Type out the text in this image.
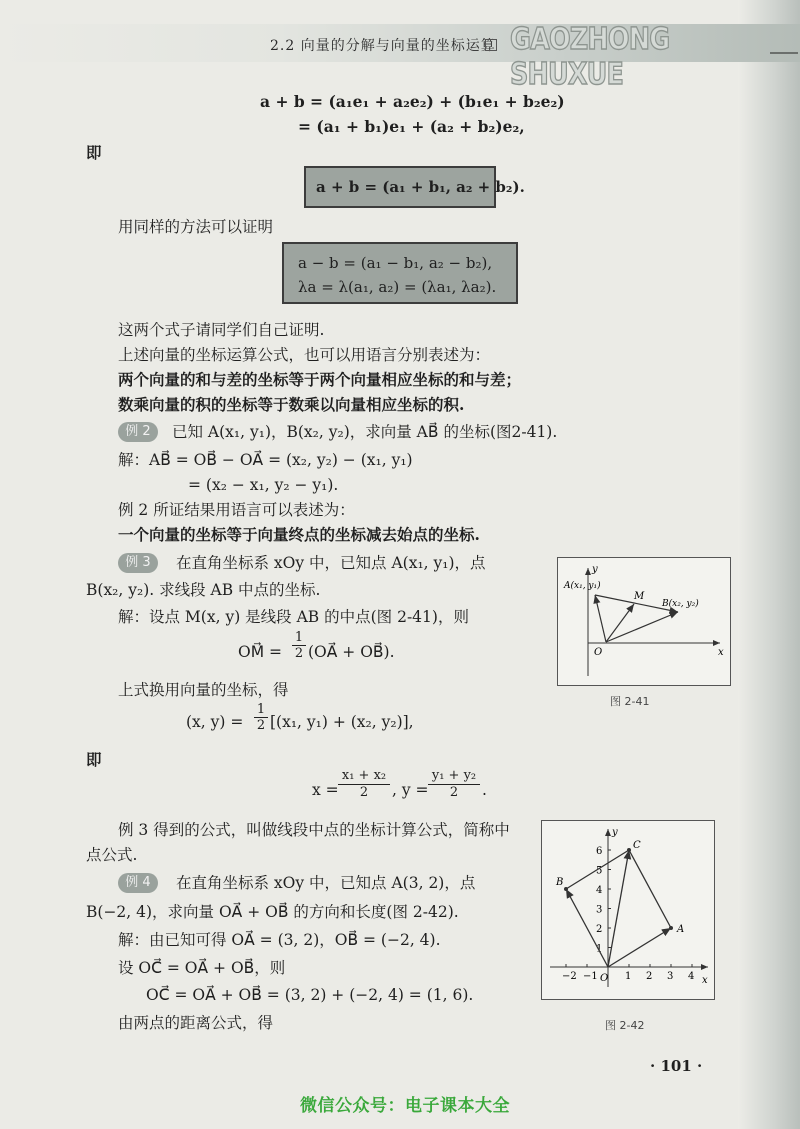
2.2 向量的分解与向量的坐标运算 GAOZHONG SHUXUE
a + b = (a₁e₁ + a₂e₂) + (b₁e₁ + b₂e₂)
= (a₁ + b₁)e₁ + (a₂ + b₂)e₂,
即
a + b = (a₁ + b₁, a₂ + b₂).
用同样的方法可以证明
a − b = (a₁ − b₁, a₂ − b₂),
λa = λ(a₁, a₂) = (λa₁, λa₂).
这两个式子请同学们自己证明.
上述向量的坐标运算公式，也可以用语言分别表述为：
两个向量的和与差的坐标等于两个向量相应坐标的和与差；
数乘向量的积的坐标等于数乘以向量相应坐标的积.
例 2	已知 A(x₁, y₁)，B(x₂, y₂)，求向量 AB⃗ 的坐标(图2-41).
解：AB⃗ = OB⃗ − OA⃗ = (x₂, y₂) − (x₁, y₁)
= (x₂ − x₁, y₂ − y₁).
例 2 所证结果用语言可以表述为：
一个向量的坐标等于向量终点的坐标减去始点的坐标.
例 3	在直角坐标系 xOy 中，已知点 A(x₁, y₁)，点
B(x₂, y₂). 求线段 AB 中点的坐标.
解：设点 M(x, y) 是线段 AB 的中点(图 2-41)，则
OM⃗ = $\frac{1}{2}$ (OA⃗ + OB⃗).
上式换用向量的坐标，得
(x, $y) = \frac{1}{2} [(x_1$, y₁) + (x₂, y₂)],
即
$x = \frac{\text{x₁ + x₂}}{2}$ , $y = \frac{\text{y₁ + y₂}}{2}$ .
例 3 得到的公式，叫做线段中点的坐标计算公式，简称中
点公式.
例 4	在直角坐标系 xOy 中，已知点 A(3, 2)，点
B(−2, 4)，求向量 OA⃗ + OB⃗ 的方向和长度(图 2-42).
解：由已知可得 OA⃗ = (3, 2)，OB⃗ = (−2, 4).
设 OC⃗ = OA⃗ + OB⃗，则
OC⃗ = OA⃗ + OB⃗ = (3, 2) + (−2, 4) = (1, 6).
由两点的距离公式，得
y
x
O
A(x₁, y₁)
B(x₂, y₂)
M
图 2-41
y
x
O
−2 −1	1 2 3 4
1
2
3
4
5
6
A
B
C
图 2-42
· 101 ·
微信公众号：电子课本大全
